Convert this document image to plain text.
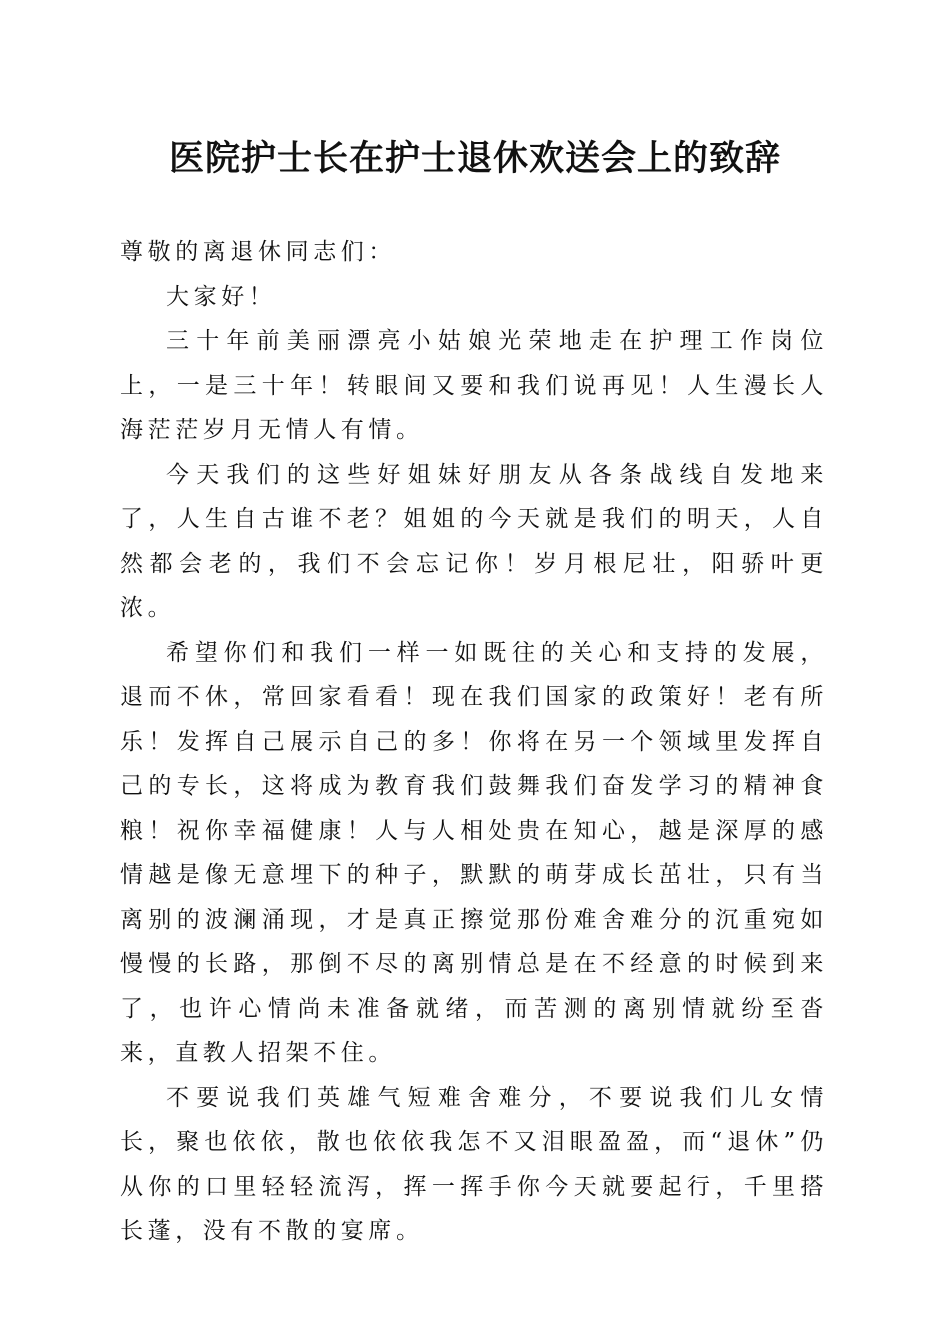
医院护士长在护士退休欢送会上的致辞

尊敬的离退休同志们：

大家好！

三十年前美丽漂亮小姑娘光荣地走在护理工作岗位上，一是三十年！转眼间又要和我们说再见！人生漫长人海茫茫岁月无情人有情。

今天我们的这些好姐妹好朋友从各条战线自发地来了，人生自古谁不老？姐姐的今天就是我们的明天，人自然都会老的，我们不会忘记你！岁月根尼壮，阳骄叶更浓。

希望你们和我们一样一如既往的关心和支持的发展，退而不休，常回家看看！现在我们国家的政策好！老有所乐！发挥自己展示自己的多！你将在另一个领域里发挥自己的专长，这将成为教育我们鼓舞我们奋发学习的精神食粮！祝你幸福健康！人与人相处贵在知心，越是深厚的感情越是像无意埋下的种子，默默的萌芽成长茁壮，只有当离别的波澜涌现，才是真正擦觉那份难舍难分的沉重宛如慢慢的长路，那倒不尽的离别情总是在不经意的时候到来了，也许心情尚未准备就绪，而苦测的离别情就纷至沓来，直教人招架不住。

不要说我们英雄气短难舍难分，不要说我们儿女情长，聚也依依，散也依依我怎不又泪眼盈盈，而“退休”仍从你的口里轻轻流泻，挥一挥手你今天就要起行，千里搭长蓬，没有不散的宴席。
